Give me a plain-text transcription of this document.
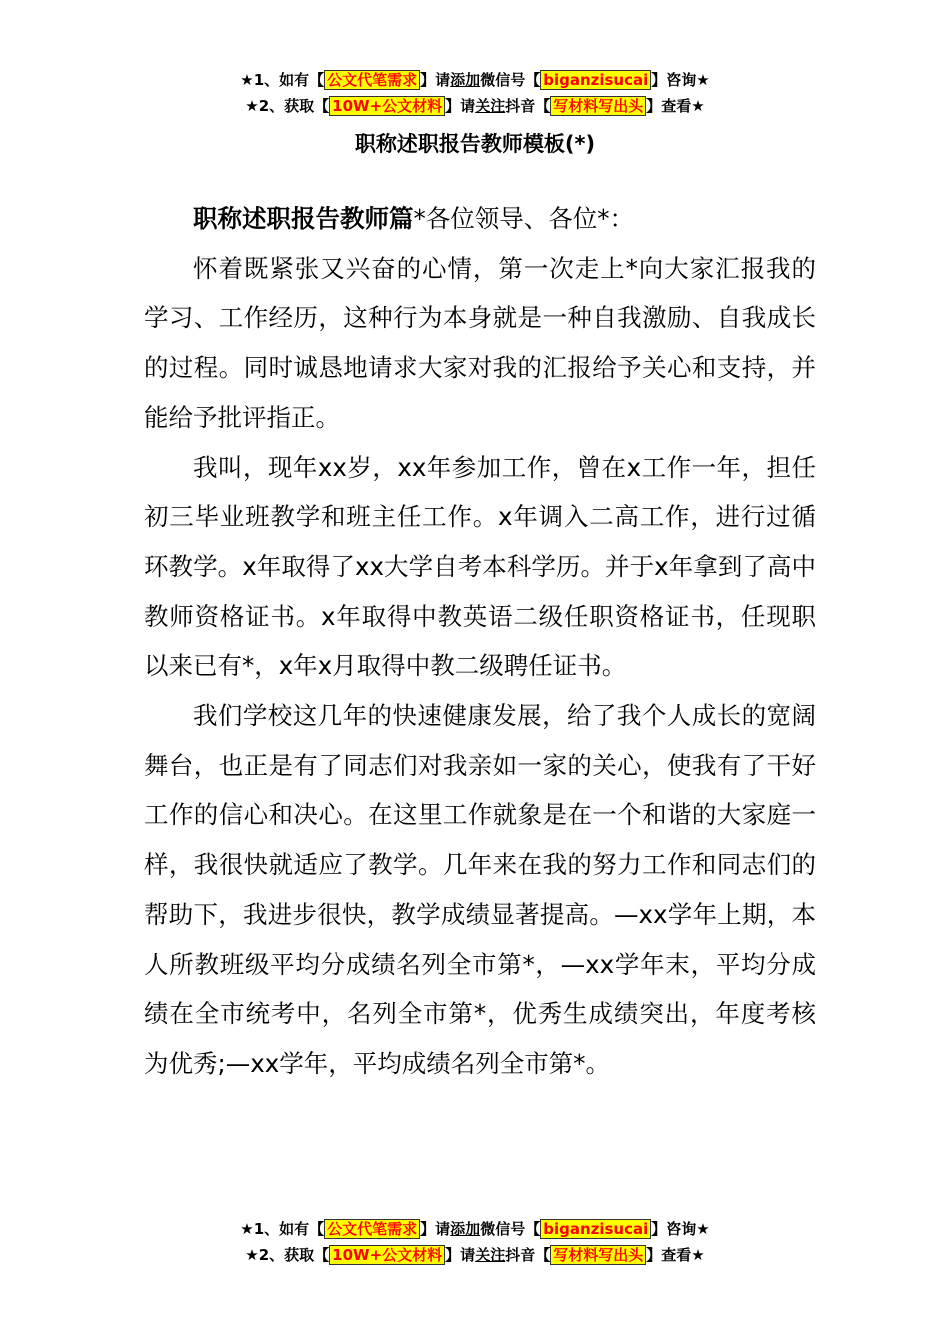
★1、如有【 公文代笔需求 】请添加微信号【 biganzisucai 】咨询★
★2、获取【 10W+公文材料 】请关注抖音【 写材料写出头 】查看★
职称述职报告教师模板(*)

职称述职报告教师篇*各位领导、各位*：

怀着既紧张又兴奋的心情，第一次走上*向大家汇报我的学习、工作经历，这种行为本身就是一种自我激励、自我成长的过程。同时诚恳地请求大家对我的汇报给予关心和支持，并能给予批评指正。

我叫，现年xx岁，xx年参加工作，曾在x工作一年，担任初三毕业班教学和班主任工作。x年调入二高工作，进行过循环教学。x年取得了xx大学自考本科学历。并于x年拿到了高中教师资格证书。x年取得中教英语二级任职资格证书，任现职以来已有*，x年x月取得中教二级聘任证书。

我们学校这几年的快速健康发展，给了我个人成长的宽阔舞台，也正是有了同志们对我亲如一家的关心，使我有了干好工作的信心和决心。在这里工作就象是在一个和谐的大家庭一样，我很快就适应了教学。几年来在我的努力工作和同志们的帮助下，我进步很快，教学成绩显著提高。—xx学年上期，本人所教班级平均分成绩名列全市第*，—xx学年末，平均分成绩在全市统考中，名列全市第*，优秀生成绩突出，年度考核为优秀;—xx学年，平均成绩名列全市第*。

★1、如有【 公文代笔需求 】请添加微信号【 biganzisucai 】咨询★
★2、获取【 10W+公文材料 】请关注抖音【 写材料写出头 】查看★
